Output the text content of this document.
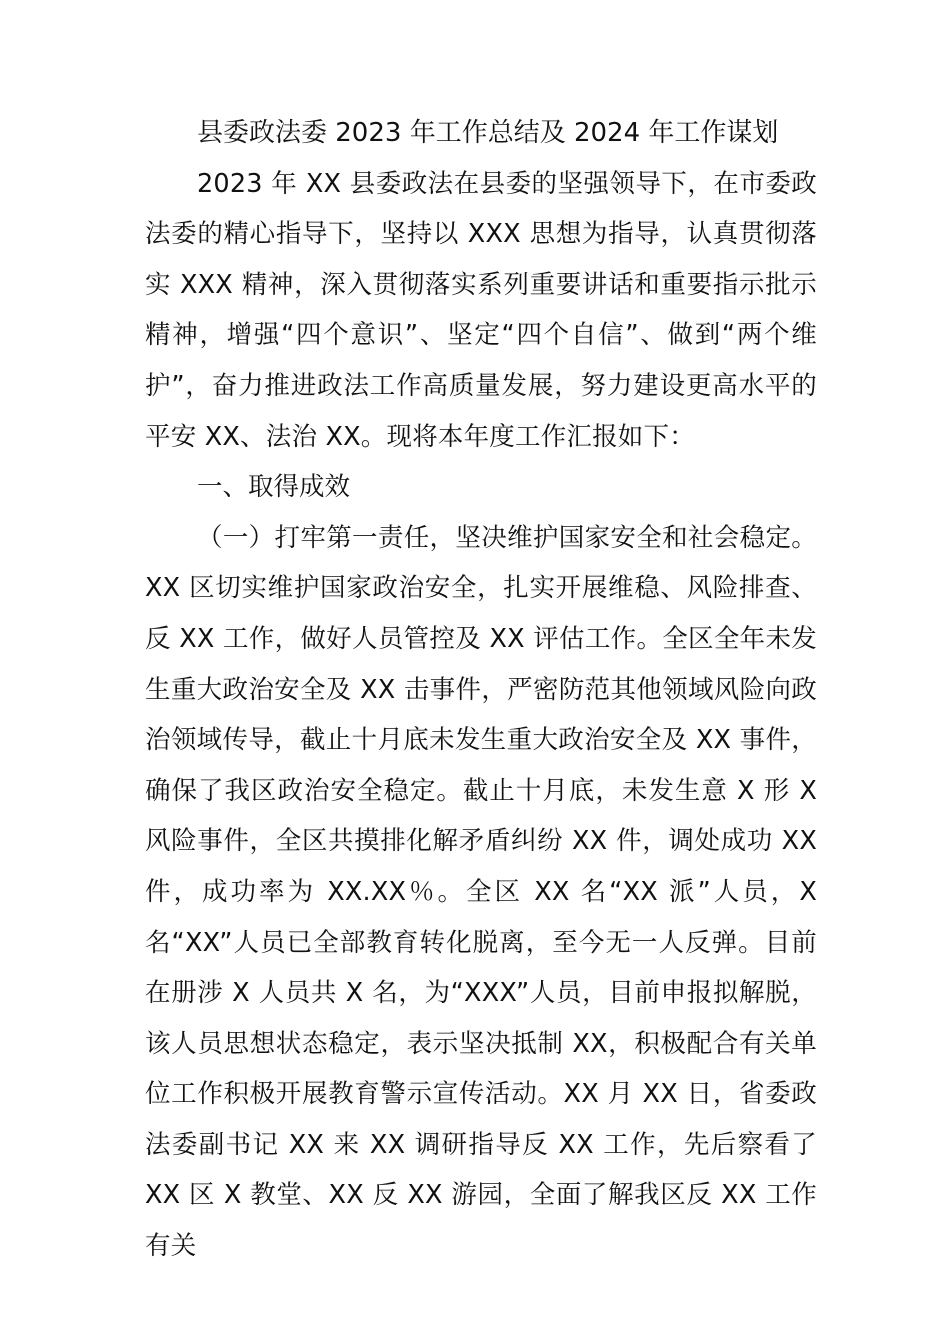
县委政法委 2023 年工作总结及 2024 年工作谋划

2023 年 XX 县委政法在县委的坚强领导下，在市委政法委的精心指导下，坚持以 XXX 思想为指导，认真贯彻落实 XXX 精神，深入贯彻落实系列重要讲话和重要指示批示精神，增强“四个意识”、坚定“四个自信”、做到“两个维护”，奋力推进政法工作高质量发展，努力建设更高水平的平安 XX、法治 XX。现将本年度工作汇报如下：

一、取得成效

（一）打牢第一责任，坚决维护国家安全和社会稳定。XX 区切实维护国家政治安全，扎实开展维稳、风险排查、反 XX 工作，做好人员管控及 XX 评估工作。全区全年未发生重大政治安全及 XX 击事件，严密防范其他领域风险向政治领域传导，截止十月底未发生重大政治安全及 XX 事件，确保了我区政治安全稳定。截止十月底，未发生意 X 形 X 风险事件，全区共摸排化解矛盾纠纷 XX 件，调处成功 XX 件，成功率为 XX.XX％。全区 XX 名“XX 派”人员，X 名“XX”人员已全部教育转化脱离，至今无一人反弹。目前在册涉 X 人员共 X 名，为“XXX”人员，目前申报拟解脱，该人员思想状态稳定，表示坚决抵制 XX，积极配合有关单位工作积极开展教育警示宣传活动。XX 月 XX 日，省委政法委副书记 XX 来 XX 调研指导反 XX 工作，先后察看了 XX 区 X 教堂、XX 反 XX 游园，全面了解我区反 XX 工作有关
